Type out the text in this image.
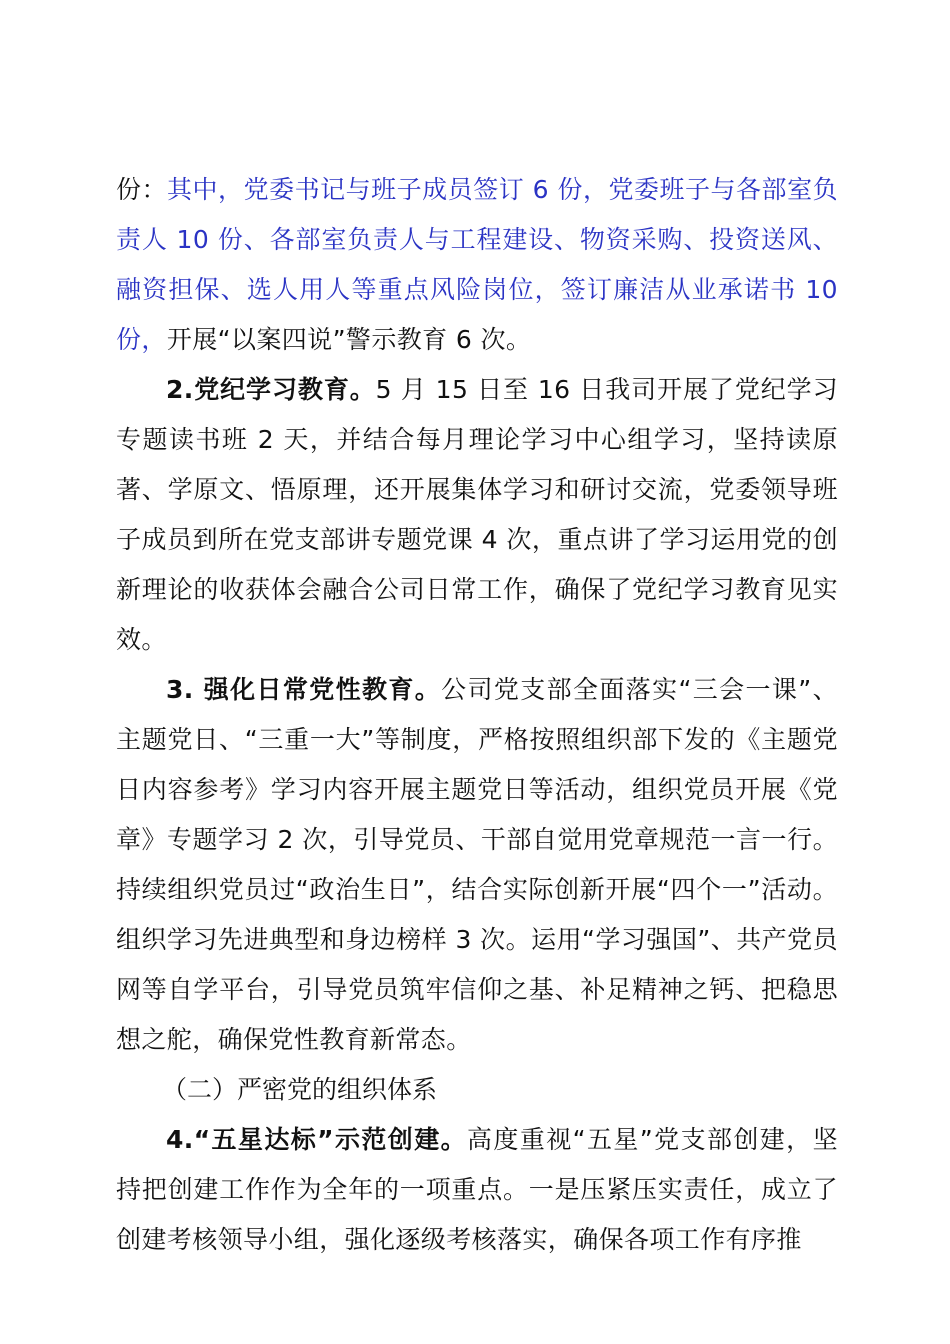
份：其中，党委书记与班子成员签订 6 份，党委班子与各部室负责人 10 份、各部室负责人与工程建设、物资采购、投资送风、融资担保、选人用人等重点风险岗位，签订廉洁从业承诺书 10 份，开展“以案四说”警示教育 6 次。

2.党纪学习教育。5 月 15 日至 16 日我司开展了党纪学习专题读书班 2 天，并结合每月理论学习中心组学习，坚持读原著、学原文、悟原理，还开展集体学习和研讨交流，党委领导班子成员到所在党支部讲专题党课 4 次，重点讲了学习运用党的创新理论的收获体会融合公司日常工作，确保了党纪学习教育见实效。

3. 强化日常党性教育。公司党支部全面落实“三会一课”、主题党日、“三重一大”等制度，严格按照组织部下发的《主题党日内容参考》学习内容开展主题党日等活动，组织党员开展《党章》专题学习 2 次，引导党员、干部自觉用党章规范一言一行。持续组织党员过“政治生日”，结合实际创新开展“四个一”活动。组织学习先进典型和身边榜样 3 次。运用“学习强国”、共产党员网等自学平台，引导党员筑牢信仰之基、补足精神之钙、把稳思想之舵，确保党性教育新常态。

（二）严密党的组织体系

4.“五星达标”示范创建。高度重视“五星”党支部创建，坚持把创建工作作为全年的一项重点。一是压紧压实责任，成立了创建考核领导小组，强化逐级考核落实，确保各项工作有序推
